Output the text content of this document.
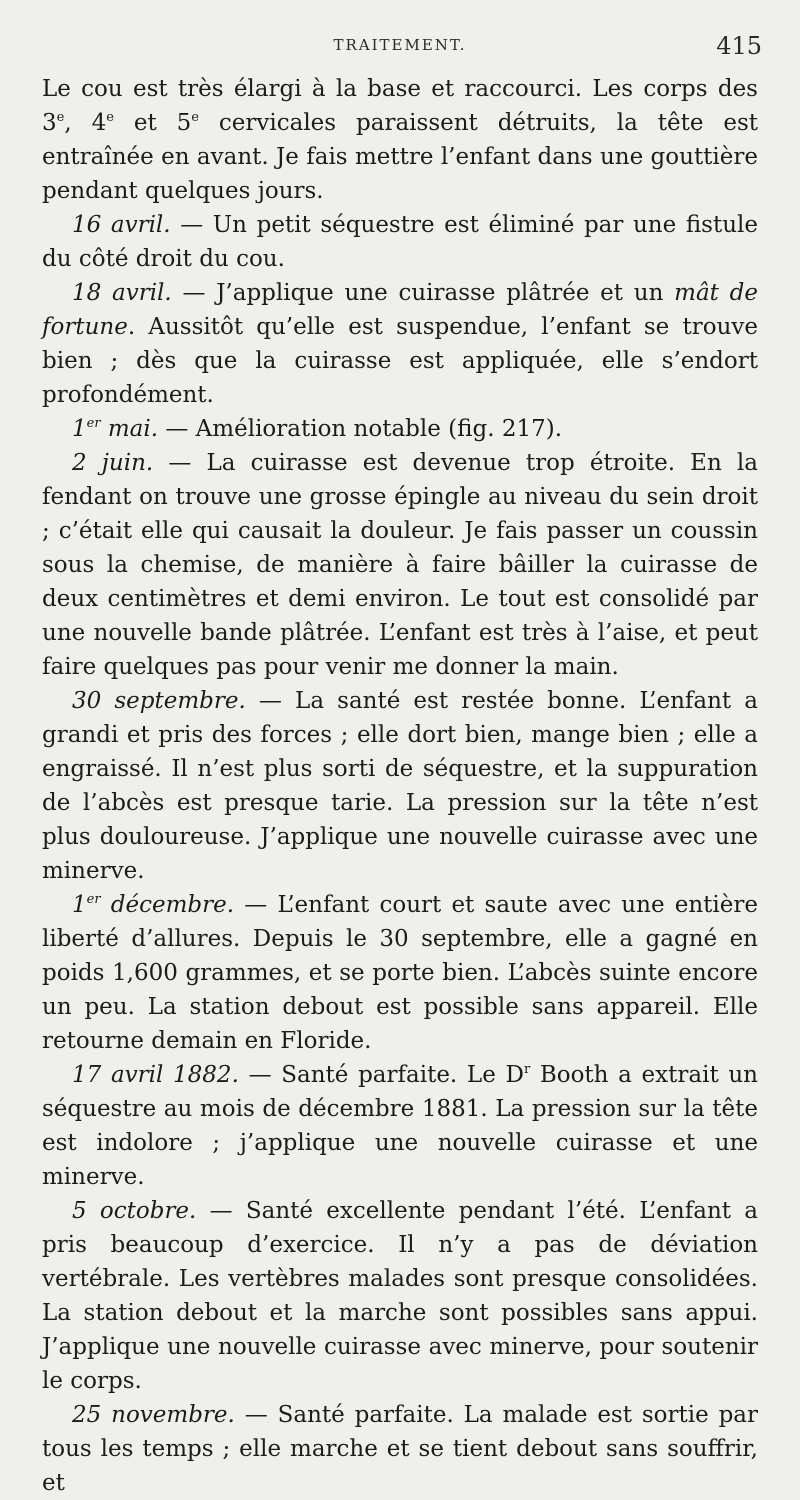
TRAITEMENT.	415

Le cou est très élargi à la base et raccourci. Les corps des 3e, 4e et 5e cervicales paraissent détruits, la tête est entraînée en avant. Je fais mettre l’enfant dans une gouttière pendant quelques jours.

16 avril. — Un petit séquestre est éliminé par une fistule du côté droit du cou.

18 avril. — J’applique une cuirasse plâtrée et un mât de fortune. Aussitôt qu’elle est suspendue, l’enfant se trouve bien ; dès que la cuirasse est appliquée, elle s’endort profondément.

1er mai. — Amélioration notable (fig. 217).

2 juin. — La cuirasse est devenue trop étroite. En la fendant on trouve une grosse épingle au niveau du sein droit ; c’était elle qui causait la douleur. Je fais passer un coussin sous la chemise, de manière à faire bâiller la cuirasse de deux centimètres et demi environ. Le tout est consolidé par une nouvelle bande plâtrée. L’enfant est très à l’aise, et peut faire quelques pas pour venir me donner la main.

30 septembre. — La santé est restée bonne. L’enfant a grandi et pris des forces ; elle dort bien, mange bien ; elle a engraissé. Il n’est plus sorti de séquestre, et la suppuration de l’abcès est presque tarie. La pression sur la tête n’est plus douloureuse. J’applique une nouvelle cuirasse avec une minerve.

1er décembre. — L’enfant court et saute avec une entière liberté d’allures. Depuis le 30 septembre, elle a gagné en poids 1,600 grammes, et se porte bien. L’abcès suinte encore un peu. La station debout est possible sans appareil. Elle retourne demain en Floride.

17 avril 1882. — Santé parfaite. Le $D^r$ Booth a extrait un séquestre au mois de décembre 1881. La pression sur la tête est indolore ; j’applique une nouvelle cuirasse et une minerve.

5 octobre. — Santé excellente pendant l’été. L’enfant a pris beaucoup d’exercice. Il n’y a pas de déviation vertébrale. Les vertèbres malades sont presque consolidées. La station debout et la marche sont possibles sans appui. J’applique une nouvelle cuirasse avec minerve, pour soutenir le corps.

25 novembre. — Santé parfaite. La malade est sortie par tous les temps ; elle marche et se tient debout sans souffrir, et
